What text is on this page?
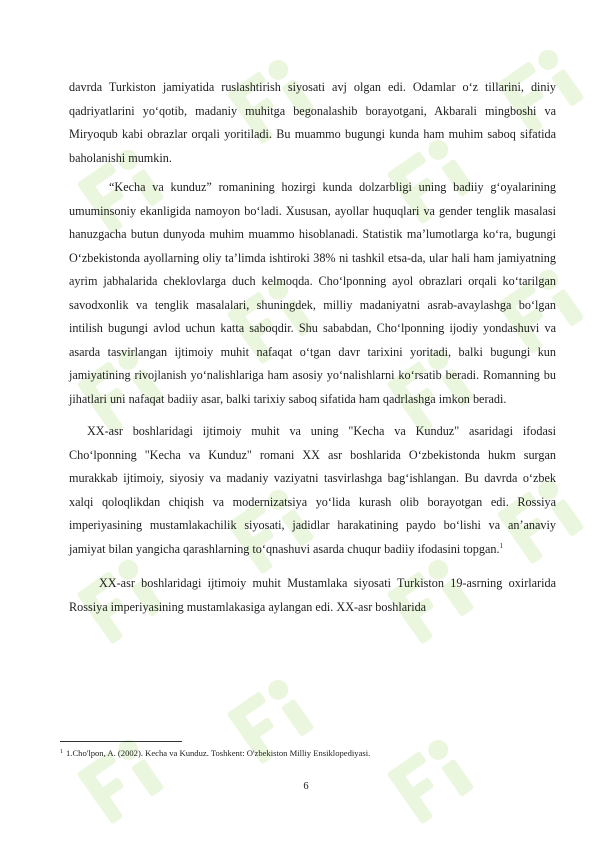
davrda Turkiston jamiyatida ruslashtirish siyosati avj olgan edi. Odamlar o‘z tillarini, diniy qadriyatlarini yo‘qotib, madaniy muhitga begonalashib borayotgani, Akbarali mingboshi va Miryoqub kabi obrazlar orqali yoritiladi. Bu muammo bugungi kunda ham muhim saboq sifatida baholanishi mumkin.

“Kecha va kunduz” romanining hozirgi kunda dolzarbligi uning badiiy g‘oyalarining umuminsoniy ekanligida namoyon bo‘ladi. Xususan, ayollar huquqlari va gender tenglik masalasi hanuzgacha butun dunyoda muhim muammo hisoblanadi. Statistik ma’lumotlarga ko‘ra, bugungi O‘zbekistonda ayollarning oliy ta’limda ishtiroki 38% ni tashkil etsa-da, ular hali ham jamiyatning ayrim jabhalarida cheklovlarga duch kelmoqda. Cho‘lponning ayol obrazlari orqali ko‘tarilgan savodxonlik va tenglik masalalari, shuningdek, milliy madaniyatni asrab-avaylashga bo‘lgan intilish bugungi avlod uchun katta saboqdir. Shu sababdan, Cho‘lponning ijodiy yondashuvi va asarda tasvirlangan ijtimoiy muhit nafaqat o‘tgan davr tarixini yoritadi, balki bugungi kun jamiyatining rivojlanish yo‘nalishlariga ham asosiy yo‘nalishlarni ko‘rsatib beradi. Romanning bu jihatlari uni nafaqat badiiy asar, balki tarixiy saboq sifatida ham qadrlashga imkon beradi.

XX-asr boshlaridagi ijtimoiy muhit va uning "Kecha va Kunduz" asaridagi ifodasi Cho‘lponning "Kecha va Kunduz" romani XX asr boshlarida O‘zbekistonda hukm surgan murakkab ijtimoiy, siyosiy va madaniy vaziyatni tasvirlashga bag‘ishlangan. Bu davrda o‘zbek xalqi qoloqlikdan chiqish va modernizatsiya yo‘lida kurash olib borayotgan edi. Rossiya imperiyasining mustamlakachilik siyosati, jadidlar harakatining paydo bo‘lishi va an’anaviy jamiyat bilan yangicha qarashlarning to‘qnashuvi asarda chuqur badiiy ifodasini topgan.$^1$

XX-asr boshlaridagi ijtimoiy muhit Mustamlaka siyosati Turkiston 19-asrning oxirlarida Rossiya imperiyasining mustamlakasiga aylangan edi. XX-asr boshlarida

$^1$ 1.Cho'lpon, A. (2002). Kecha va Kunduz. Toshkent: O'zbekiston Milliy Ensiklopediyasi.
6
